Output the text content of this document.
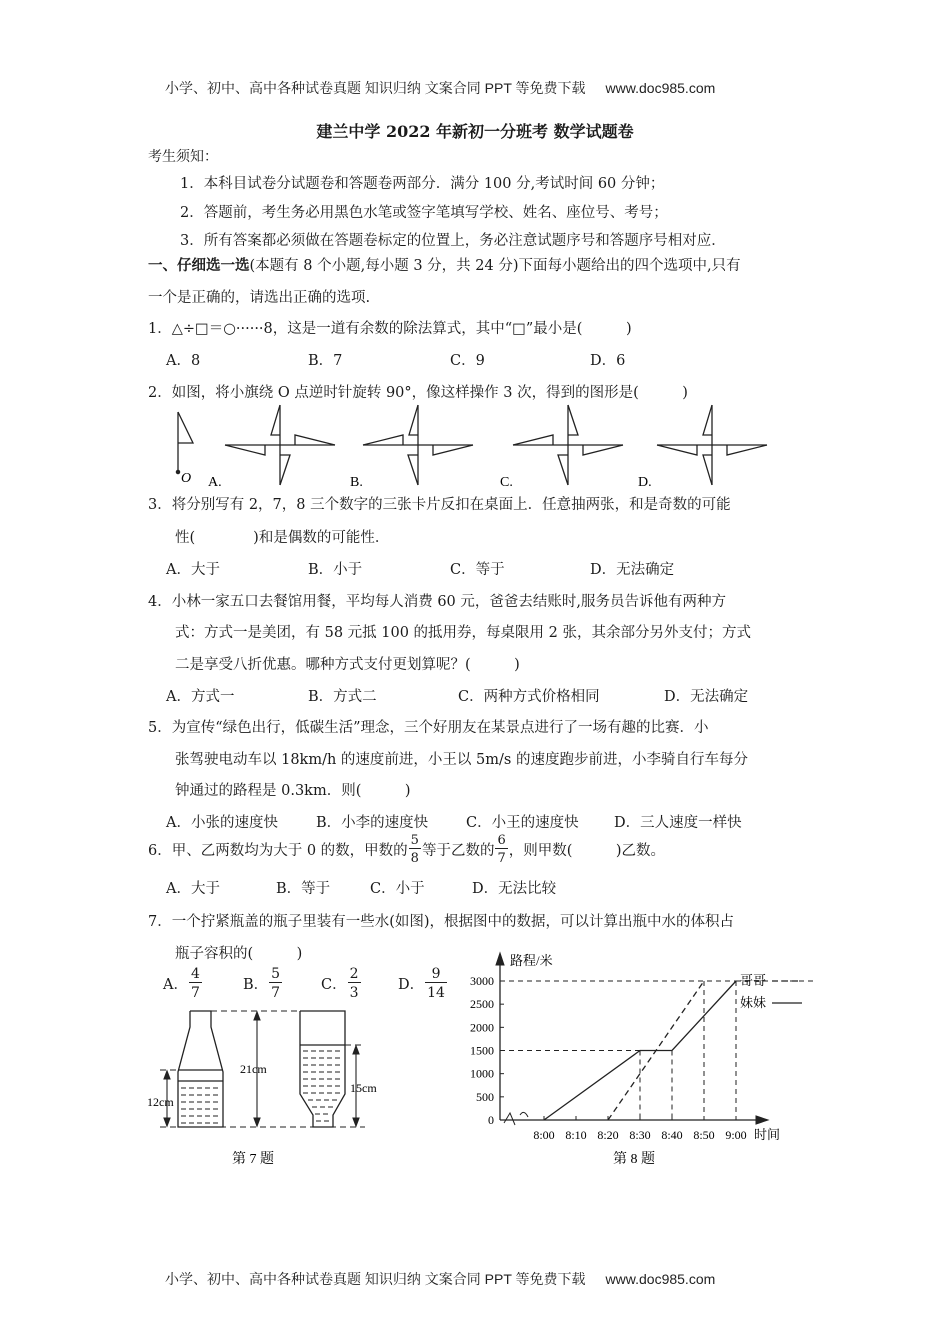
小学、初中、高中各种试卷真题 知识归纳 文案合同 PPT 等免费下载 www.doc985.com
建兰中学 2022 年新初一分班考 数学试题卷
考生须知：
1．本科目试卷分试题卷和答题卷两部分．满分 100 分,考试时间 60 分钟；
2．答题前，考生务必用黑色水笔或签字笔填写学校、姓名、座位号、考号；
3．所有答案都必须做在答题卷标定的位置上，务必注意试题序号和答题序号相对应．
一、仔细选一选(本题有 8 个小题,每小题 3 分，共 24 分)下面每小题给出的四个选项中,只有
一个是正确的，请选出正确的选项.
1．△÷□＝○······8，这是一道有余数的除法算式，其中“□”最小是(　　　)
A．8	B．7	C．9	D．6
2．如图，将小旗绕 O 点逆时针旋转 90°，像这样操作 3 次，得到的图形是(　　　)
O A.	B.	C.	D.
3．将分别写有 2，7，8 三个数字的三张卡片反扣在桌面上．任意抽两张，和是奇数的可能
性(　　　　)和是偶数的可能性．
A．大于	B．小于	C．等于	D．无法确定
4．小林一家五口去餐馆用餐，平均每人消费 60 元，爸爸去结账时,服务员告诉他有两种方
式：方式一是美团，有 58 元抵 100 的抵用券，每桌限用 2 张，其余部分另外支付；方式
二是享受八折优惠。哪种方式支付更划算呢？(　　　)
A．方式一	B．方式二	C．两种方式价格相同	D．无法确定
5．为宣传“绿色出行，低碳生活”理念，三个好朋友在某景点进行了一场有趣的比赛．小
张驾驶电动车以 18km/h 的速度前进，小王以 5m/s 的速度跑步前进，小李骑自行车每分
钟通过的路程是 0.3km．则(　　　)
A．小张的速度快	B．小李的速度快	C．小王的速度快 D．三人速度一样快
6．甲、乙两数均为大于 0 的数，甲数的 $\frac{5}{8}$ 等于乙数的 $\frac{6}{7}$ ，则甲数(　　　)乙数。
A．大于	B．等于	C．小于	D．无法比较
7．一个拧紧瓶盖的瓶子里装有一些水(如图)，根据图中的数据，可以计算出瓶中水的体积占
瓶子容积的(　　　)
A． $\frac{4}{7}$	B． $\frac{5}{7}$	C． $\frac{2}{3}$	D． $\frac{9}{14}$
12cm
21cm
15cm
第 7 题
路程/米
时间
0
500
1000
1500
2000
2500
3000
8:00 8:10 8:20 8:30 8:40 8:50 9:00
哥哥
妹妹
第 8 题
小学、初中、高中各种试卷真题 知识归纳 文案合同 PPT 等免费下载 www.doc985.com
